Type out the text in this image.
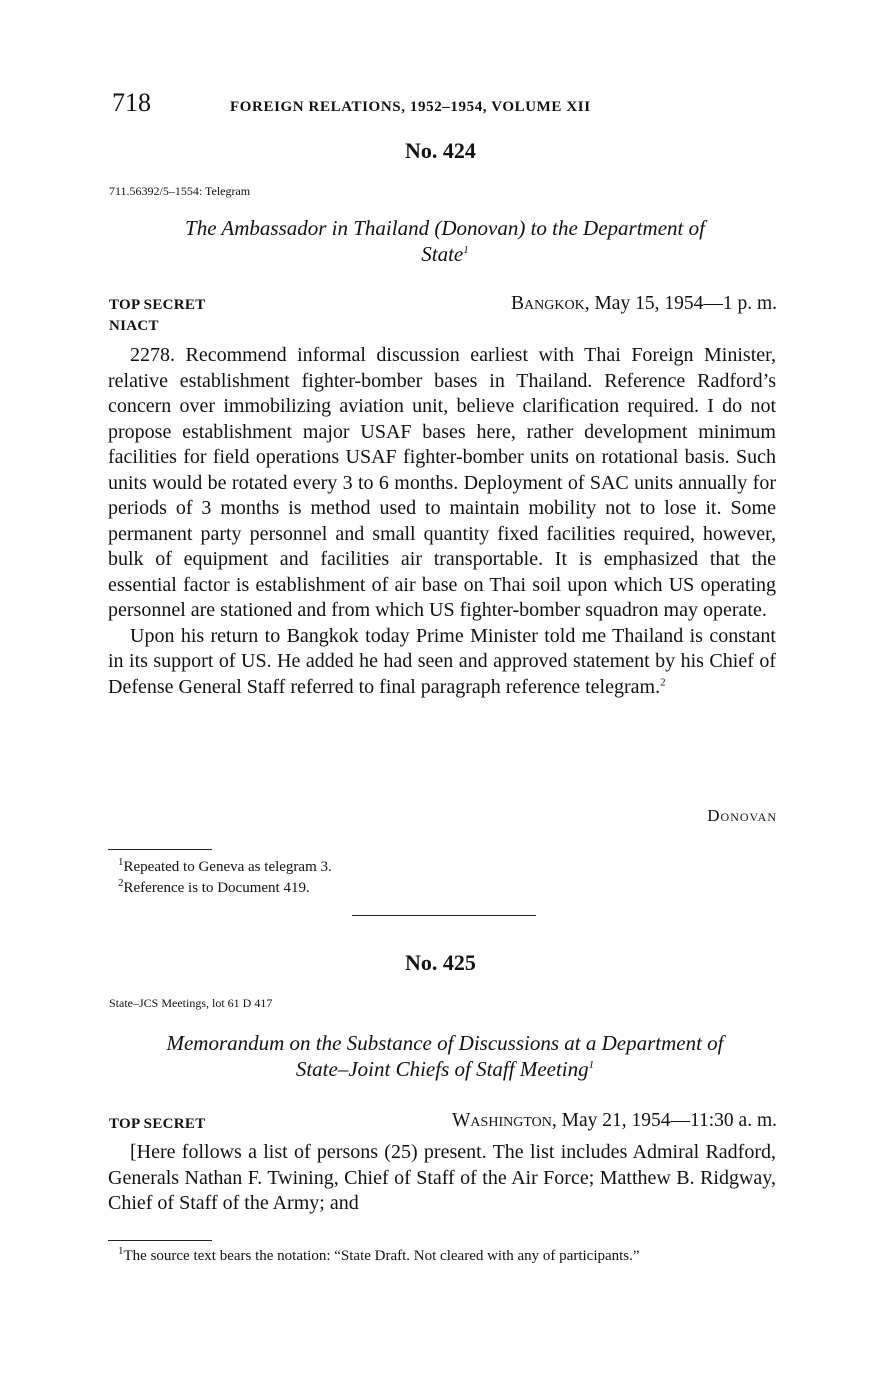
718	FOREIGN RELATIONS, 1952–1954, VOLUME XII
No. 424
711.56392/5–1554: Telegram
The Ambassador in Thailand (Donovan) to the Department of
State$^1$
TOP SECRET	Bangkok, May 15, 1954—1 p. m.
NIACT

2278. Recommend informal discussion earliest with Thai Foreign Minister, relative establishment fighter-bomber bases in Thailand. Reference Radford’s concern over immobilizing aviation unit, believe clarification required. I do not propose establishment major USAF bases here, rather development minimum facilities for field operations USAF fighter-bomber units on rotational basis. Such units would be rotated every 3 to 6 months. Deployment of SAC units annually for periods of 3 months is method used to maintain mobility not to lose it. Some permanent party personnel and small quantity fixed facilities required, however, bulk of equipment and facilities air transportable. It is emphasized that the essential factor is establishment of air base on Thai soil upon which US operating personnel are stationed and from which US fighter-bomber squadron may operate.

Upon his return to Bangkok today Prime Minister told me Thailand is constant in its support of US. He added he had seen and approved statement by his Chief of Defense General Staff referred to final paragraph reference telegram.$^2$

Donovan
$^1$Repeated to Geneva as telegram 3.
$^2$Reference is to Document 419.
No. 425
State–JCS Meetings, lot 61 D 417
Memorandum on the Substance of Discussions at a Department of
State–Joint Chiefs of Staff Meeting$^1$
TOP SECRET	Washington, May 21, 1954—11:30 a. m.

[Here follows a list of persons (25) present. The list includes Admiral Radford, Generals Nathan F. Twining, Chief of Staff of the Air Force; Matthew B. Ridgway, Chief of Staff of the Army; and

$^1$The source text bears the notation: “State Draft. Not cleared with any of participants.”
